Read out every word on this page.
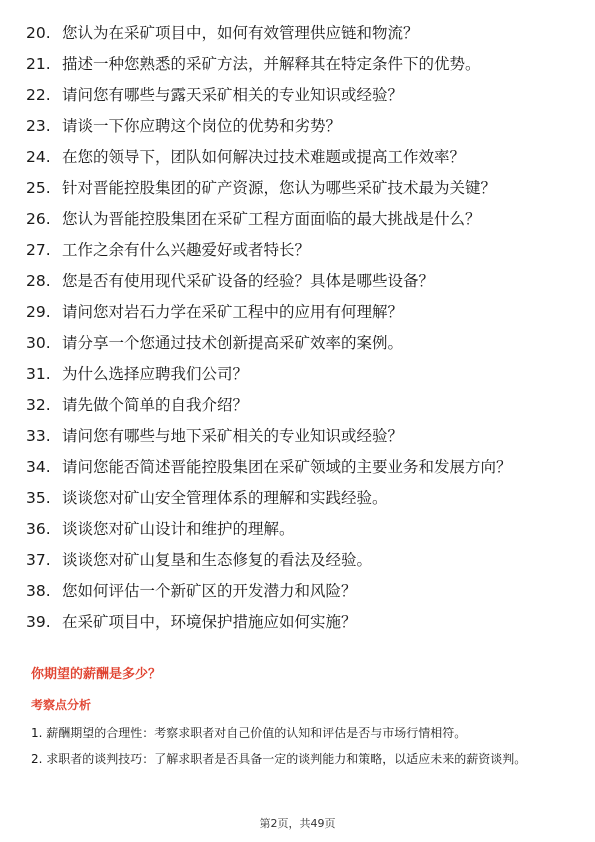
20. 您认为在采矿项目中，如何有效管理供应链和物流？
21. 描述一种您熟悉的采矿方法，并解释其在特定条件下的优势。
22. 请问您有哪些与露天采矿相关的专业知识或经验？
23. 请谈一下你应聘这个岗位的优势和劣势？
24. 在您的领导下，团队如何解决过技术难题或提高工作效率？
25. 针对晋能控股集团的矿产资源，您认为哪些采矿技术最为关键？
26. 您认为晋能控股集团在采矿工程方面面临的最大挑战是什么？
27. 工作之余有什么兴趣爱好或者特长？
28. 您是否有使用现代采矿设备的经验？具体是哪些设备？
29. 请问您对岩石力学在采矿工程中的应用有何理解？
30. 请分享一个您通过技术创新提高采矿效率的案例。
31. 为什么选择应聘我们公司？
32. 请先做个简单的自我介绍？
33. 请问您有哪些与地下采矿相关的专业知识或经验？
34. 请问您能否简述晋能控股集团在采矿领域的主要业务和发展方向？
35. 谈谈您对矿山安全管理体系的理解和实践经验。
36. 谈谈您对矿山设计和维护的理解。
37. 谈谈您对矿山复垦和生态修复的看法及经验。
38. 您如何评估一个新矿区的开发潜力和风险？
39. 在采矿项目中，环境保护措施应如何实施？
你期望的薪酬是多少？
考察点分析
1. 薪酬期望的合理性：考察求职者对自己价值的认知和评估是否与市场行情相符。
2. 求职者的谈判技巧：了解求职者是否具备一定的谈判能力和策略，以适应未来的薪资谈判。
第2页，共49页
